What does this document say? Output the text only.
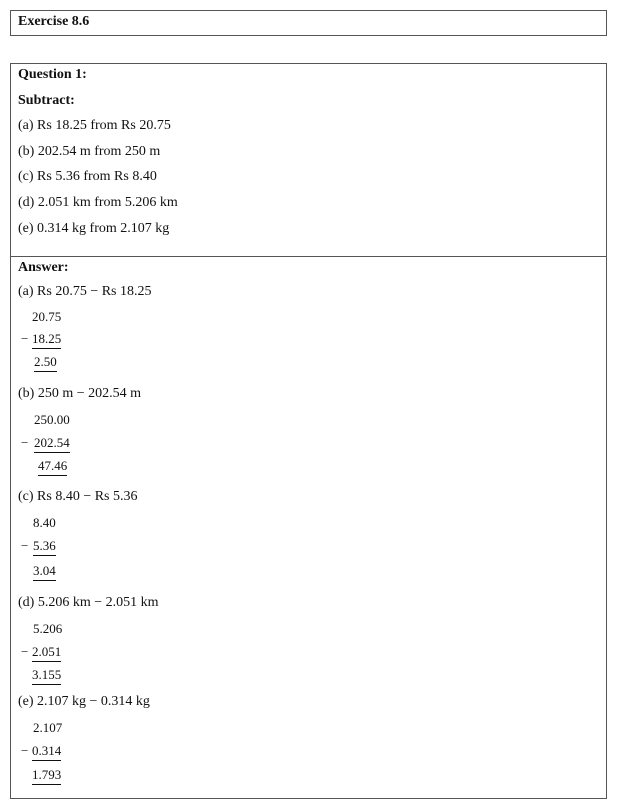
Exercise 8.6
Question 1:
Subtract:
(a) Rs 18.25 from Rs 20.75
(b) 202.54 m from 250 m
(c) Rs 5.36 from Rs 8.40
(d) 2.051 km from 5.206 km
(e) 0.314 kg from 2.107 kg
Answer:
(a) Rs 20.75 − Rs 18.25
20.75
− 18.25
2.50
(b) 250 m − 202.54 m
250.00
− 202.54
47.46
(c) Rs 8.40 − Rs 5.36
8.40
− 5.36
3.04
(d) 5.206 km − 2.051 km
5.206
− 2.051
3.155
(e) 2.107 kg − 0.314 kg
2.107
− 0.314
1.793
